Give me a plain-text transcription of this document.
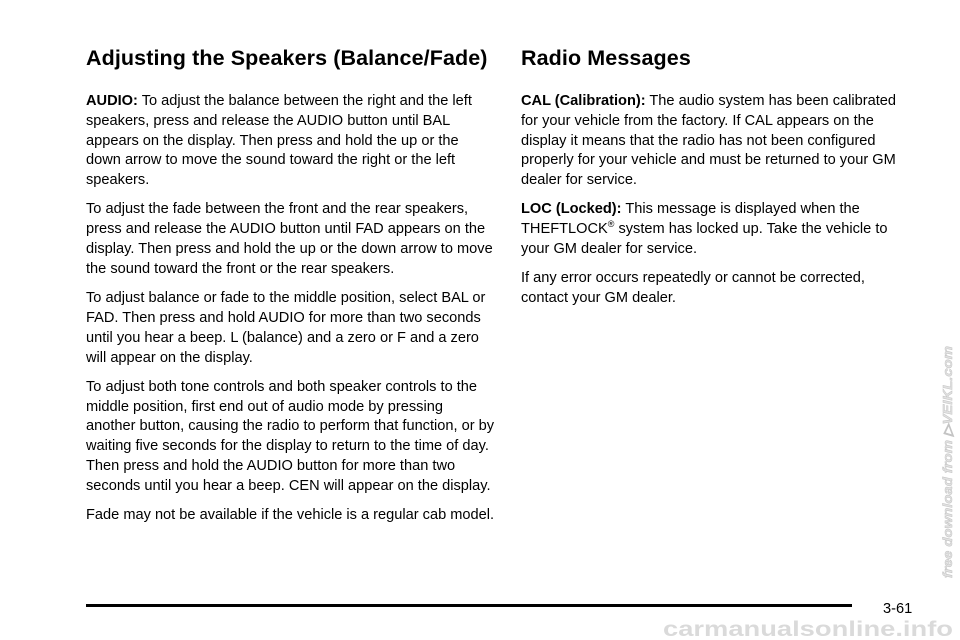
Adjusting the Speakers (Balance/Fade)

AUDIO: To adjust the balance between the right and the left speakers, press and release the AUDIO button until BAL appears on the display. Then press and hold the up or the down arrow to move the sound toward the right or the left speakers.

To adjust the fade between the front and the rear speakers, press and release the AUDIO button until FAD appears on the display. Then press and hold the up or the down arrow to move the sound toward the front or the rear speakers.

To adjust balance or fade to the middle position, select BAL or FAD. Then press and hold AUDIO for more than two seconds until you hear a beep. L (balance) and a zero or F and a zero will appear on the display.

To adjust both tone controls and both speaker controls to the middle position, first end out of audio mode by pressing another button, causing the radio to perform that function, or by waiting five seconds for the display to return to the time of day. Then press and hold the AUDIO button for more than two seconds until you hear a beep. CEN will appear on the display.

Fade may not be available if the vehicle is a regular cab model.

Radio Messages

CAL (Calibration): The audio system has been calibrated for your vehicle from the factory. If CAL appears on the display it means that the radio has not been configured properly for your vehicle and must be returned to your GM dealer for service.

LOC (Locked): This message is displayed when the THEFTLOCK® system has locked up. Take the vehicle to your GM dealer for service.

If any error occurs repeatedly or cannot be corrected, contact your GM dealer.

3-61
free download from ▷VEIKL.com
carmanualsonline.info
